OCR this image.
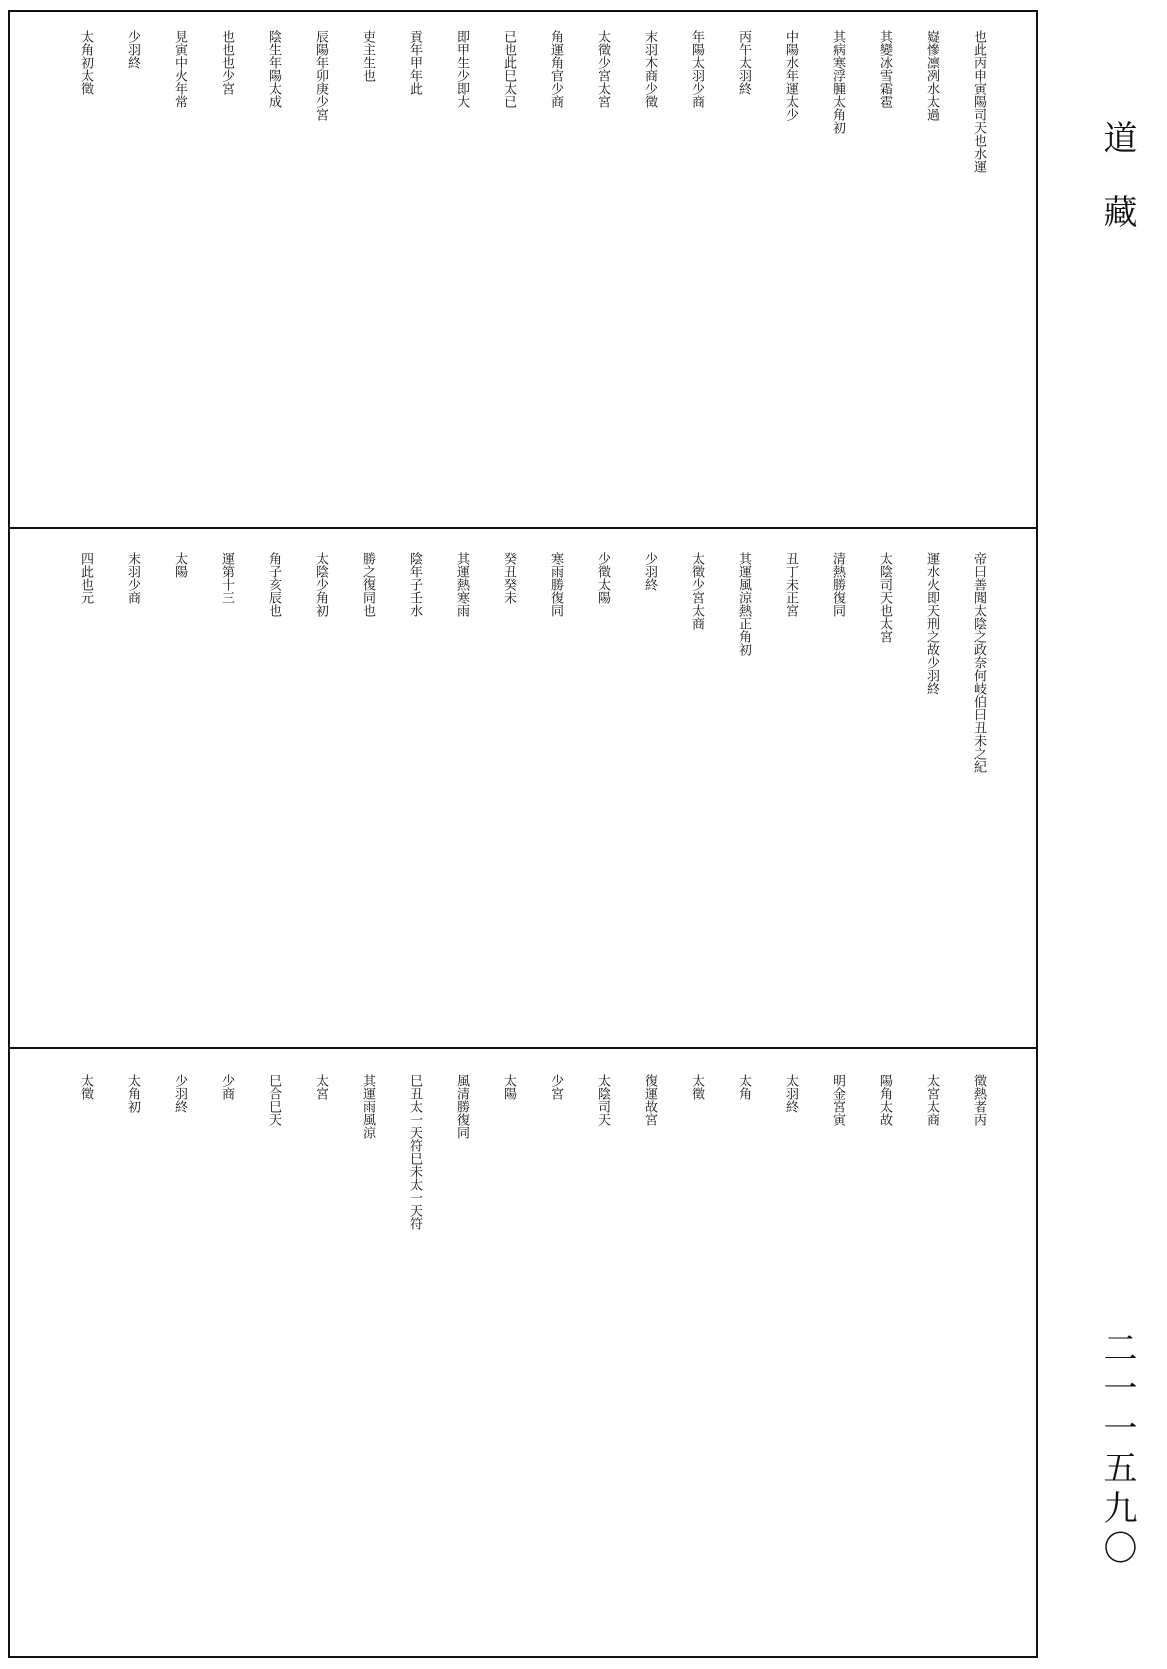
道藏
二一一五九〇
也此丙申寅陽司天也水運
嶷慘凛冽水太過
其變冰雪霜雹
其病寒浮腫太角初
中陽水年運太少
丙午太羽終
年陽太羽少商
末羽木商少徵
太徵少宮太宮
角運角官少商
已也此巳太已
即甲生少即大
貢年甲年此
吏主生也
辰陽年卯庚少宮
陰生年陽太成
也也也少宮
見寅中火年常
少羽終
太角初太徵
帝曰善聞太陰之政奈何岐伯曰丑未之紀
運水火即天刑之故少羽終
太陰司天也太宮
清熱勝復同
丑丁未正宮
其運風涼熱正角初
太徵少宮太商
少羽終
少徵太陽
寒雨勝復同
癸丑癸未
其運熱寒雨
陰年子壬水
勝之復同也
太陰少角初
角子亥辰也
運第十三
太陽
末羽少商
四此也元
徵熱者丙
太宮太商
陽角太故
明金宮寅
太羽終
太角
太徵
復運故宮
太陰司天
少宮
太陽
風清勝復同
巳丑太一天符巳未太一天符
其運雨風涼
太宮
巳合巳天
少商
少羽終
太角初
太徵
